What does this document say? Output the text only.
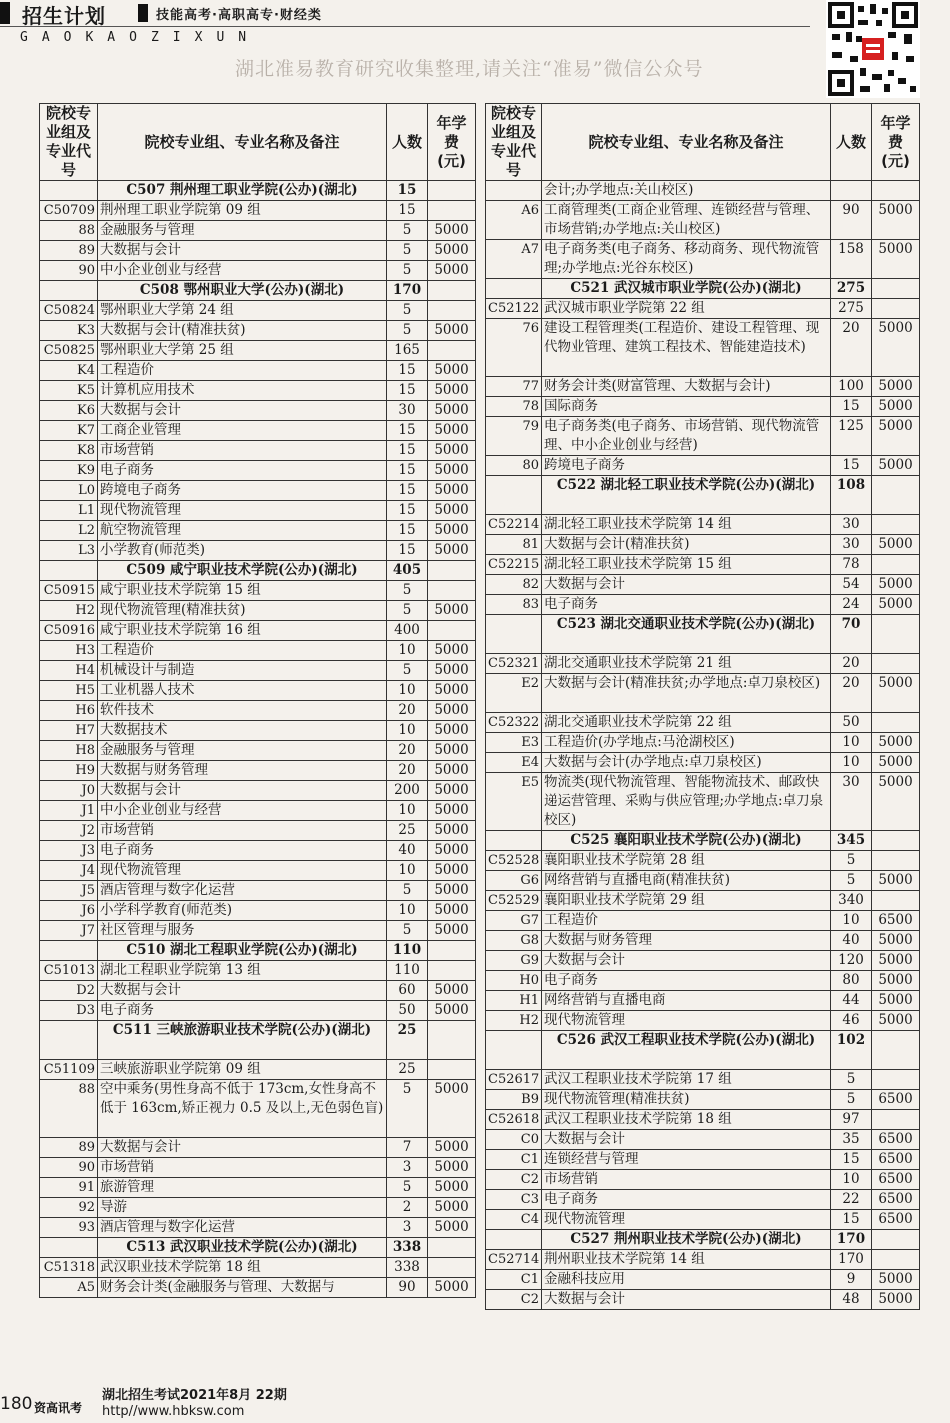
招生计划	技能高考·高职高专·财经类
GAOKAOZIXUN
湖北准易教育研究收集整理,请关注“准易”微信公众号
院校专业组及专业代号	院校专业组、专业名称及备注	人数	年学费(元)
	C507 荆州理工职业学院(公办)(湖北)	15	
C50709	荆州理工职业学院第 09 组	15	
88	金融服务与管理	5	5000
89	大数据与会计	5	5000
90	中小企业创业与经营	5	5000
	C508 鄂州职业大学(公办)(湖北)	170	
C50824	鄂州职业大学第 24 组	5	
K3	大数据与会计(精准扶贫)	5	5000
C50825	鄂州职业大学第 25 组	165	
K4	工程造价	15	5000
K5	计算机应用技术	15	5000
K6	大数据与会计	30	5000
K7	工商企业管理	15	5000
K8	市场营销	15	5000
K9	电子商务	15	5000
L0	跨境电子商务	15	5000
L1	现代物流管理	15	5000
L2	航空物流管理	15	5000
L3	小学教育(师范类)	15	5000
	C509 咸宁职业技术学院(公办)(湖北)	405	
C50915	咸宁职业技术学院第 15 组	5	
H2	现代物流管理(精准扶贫)	5	5000
C50916	咸宁职业技术学院第 16 组	400	
H3	工程造价	10	5000
H4	机械设计与制造	5	5000
H5	工业机器人技术	10	5000
H6	软件技术	20	5000
H7	大数据技术	10	5000
H8	金融服务与管理	20	5000
H9	大数据与财务管理	20	5000
J0	大数据与会计	200	5000
J1	中小企业创业与经营	10	5000
J2	市场营销	25	5000
J3	电子商务	40	5000
J4	现代物流管理	10	5000
J5	酒店管理与数字化运营	5	5000
J6	小学科学教育(师范类)	10	5000
J7	社区管理与服务	5	5000
	C510 湖北工程职业学院(公办)(湖北)	110	
C51013	湖北工程职业学院第 13 组	110	
D2	大数据与会计	60	5000
D3	电子商务	50	5000
	C511 三峡旅游职业技术学院(公办)(湖北)	25	
C51109	三峡旅游职业学院第 09 组	25	
88	空中乘务(男性身高不低于 173cm,女性身高不低于 163cm,矫正视力 0.5 及以上,无色弱色盲)	5	5000
89	大数据与会计	7	5000
90	市场营销	3	5000
91	旅游管理	5	5000
92	导游	2	5000
93	酒店管理与数字化运营	3	5000
	C513 武汉职业技术学院(公办)(湖北)	338	
C51318	武汉职业技术学院第 18 组	338	
A5	财务会计类(金融服务与管理、大数据与	90	5000
院校专业组及专业代号	院校专业组、专业名称及备注	人数	年学费(元)
	会计;办学地点:关山校区)		
A6	工商管理类(工商企业管理、连锁经营与管理、市场营销;办学地点:关山校区)	90	5000
A7	电子商务类(电子商务、移动商务、现代物流管理;办学地点:光谷东校区)	158	5000
	C521 武汉城市职业学院(公办)(湖北)	275	
C52122	武汉城市职业学院第 22 组	275	
76	建设工程管理类(工程造价、建设工程管理、现代物业管理、建筑工程技术、智能建造技术)	20	5000
77	财务会计类(财富管理、大数据与会计)	100	5000
78	国际商务	15	5000
79	电子商务类(电子商务、市场营销、现代物流管理、中小企业创业与经营)	125	5000
80	跨境电子商务	15	5000
	C522 湖北轻工职业技术学院(公办)(湖北)	108	
C52214	湖北轻工职业技术学院第 14 组	30	
81	大数据与会计(精准扶贫)	30	5000
C52215	湖北轻工职业技术学院第 15 组	78	
82	大数据与会计	54	5000
83	电子商务	24	5000
	C523 湖北交通职业技术学院(公办)(湖北)	70	
C52321	湖北交通职业技术学院第 21 组	20	
E2	大数据与会计(精准扶贫;办学地点:卓刀泉校区)	20	5000
C52322	湖北交通职业技术学院第 22 组	50	
E3	工程造价(办学地点:马沧湖校区)	10	5000
E4	大数据与会计(办学地点:卓刀泉校区)	10	5000
E5	物流类(现代物流管理、智能物流技术、邮政快递运营管理、采购与供应管理;办学地点:卓刀泉校区)	30	5000
	C525 襄阳职业技术学院(公办)(湖北)	345	
C52528	襄阳职业技术学院第 28 组	5	
G6	网络营销与直播电商(精准扶贫)	5	5000
C52529	襄阳职业技术学院第 29 组	340	
G7	工程造价	10	6500
G8	大数据与财务管理	40	5000
G9	大数据与会计	120	5000
H0	电子商务	80	5000
H1	网络营销与直播电商	44	5000
H2	现代物流管理	46	5000
	C526 武汉工程职业技术学院(公办)(湖北)	102	
C52617	武汉工程职业技术学院第 17 组	5	
B9	现代物流管理(精准扶贫)	5	6500
C52618	武汉工程职业技术学院第 18 组	97	
C0	大数据与会计	35	6500
C1	连锁经营与管理	15	6500
C2	市场营销	10	6500
C3	电子商务	22	6500
C4	现代物流管理	15	6500
	C527 荆州职业技术学院(公办)(湖北)	170	
C52714	荆州职业技术学院第 14 组	170	
C1	金融科技应用	9	5000
C2	大数据与会计	48	5000
180 资高讯考
湖北招生考试2021年8月 22期
http//www.hbksw.com
